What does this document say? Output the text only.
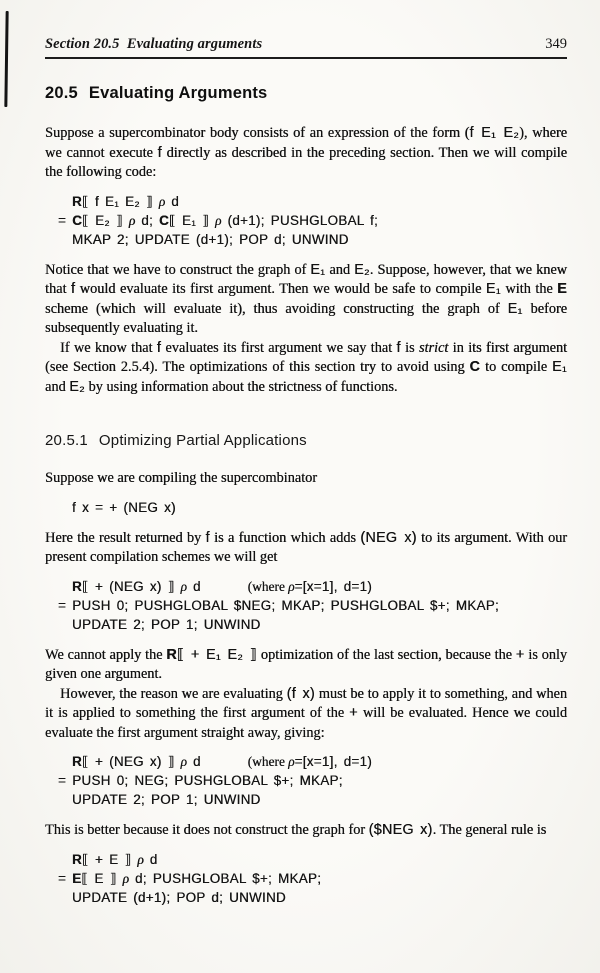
Section 20.5 Evaluating arguments	349
20.5 Evaluating Arguments

Suppose a supercombinator body consists of an expression of the form (f E₁ E₂), where we cannot execute f directly as described in the preceding section. Then we will compile the following code:

R⟦ f E₁ E₂ ⟧ ρ d
= C⟦ E₂ ⟧ ρ d; C⟦ E₁ ⟧ ρ (d+1); PUSHGLOBAL f;
MKAP 2; UPDATE (d+1); POP d; UNWIND

Notice that we have to construct the graph of E₁ and E₂. Suppose, however, that we knew that f would evaluate its first argument. Then we would be safe to compile E₁ with the E scheme (which will evaluate it), thus avoiding constructing the graph of E₁ before subsequently evaluating it.

If we know that f evaluates its first argument we say that f is strict in its first argument (see Section 2.5.4). The optimizations of this section try to avoid using C to compile E₁ and E₂ by using information about the strictness of functions.

20.5.1 Optimizing Partial Applications

Suppose we are compiling the supercombinator

f x = + (NEG x)

Here the result returned by f is a function which adds (NEG x) to its argument. With our present compilation schemes we will get

R⟦ + (NEG x) ⟧ ρ d              (where ρ=[x=1], d=1)
= PUSH 0; PUSHGLOBAL $NEG; MKAP; PUSHGLOBAL $+; MKAP;
UPDATE 2; POP 1; UNWIND

We cannot apply the R⟦ + E₁ E₂ ⟧ optimization of the last section, because the + is only given one argument.

However, the reason we are evaluating (f x) must be to apply it to something, and when it is applied to something the first argument of the + will be evaluated. Hence we could evaluate the first argument straight away, giving:

R⟦ + (NEG x) ⟧ ρ d              (where ρ=[x=1], d=1)
= PUSH 0; NEG; PUSHGLOBAL $+; MKAP;
UPDATE 2; POP 1; UNWIND

This is better because it does not construct the graph for ($NEG x). The general rule is

R⟦ + E ⟧ ρ d
= E⟦ E ⟧ ρ d; PUSHGLOBAL $+; MKAP;
UPDATE (d+1); POP d; UNWIND
